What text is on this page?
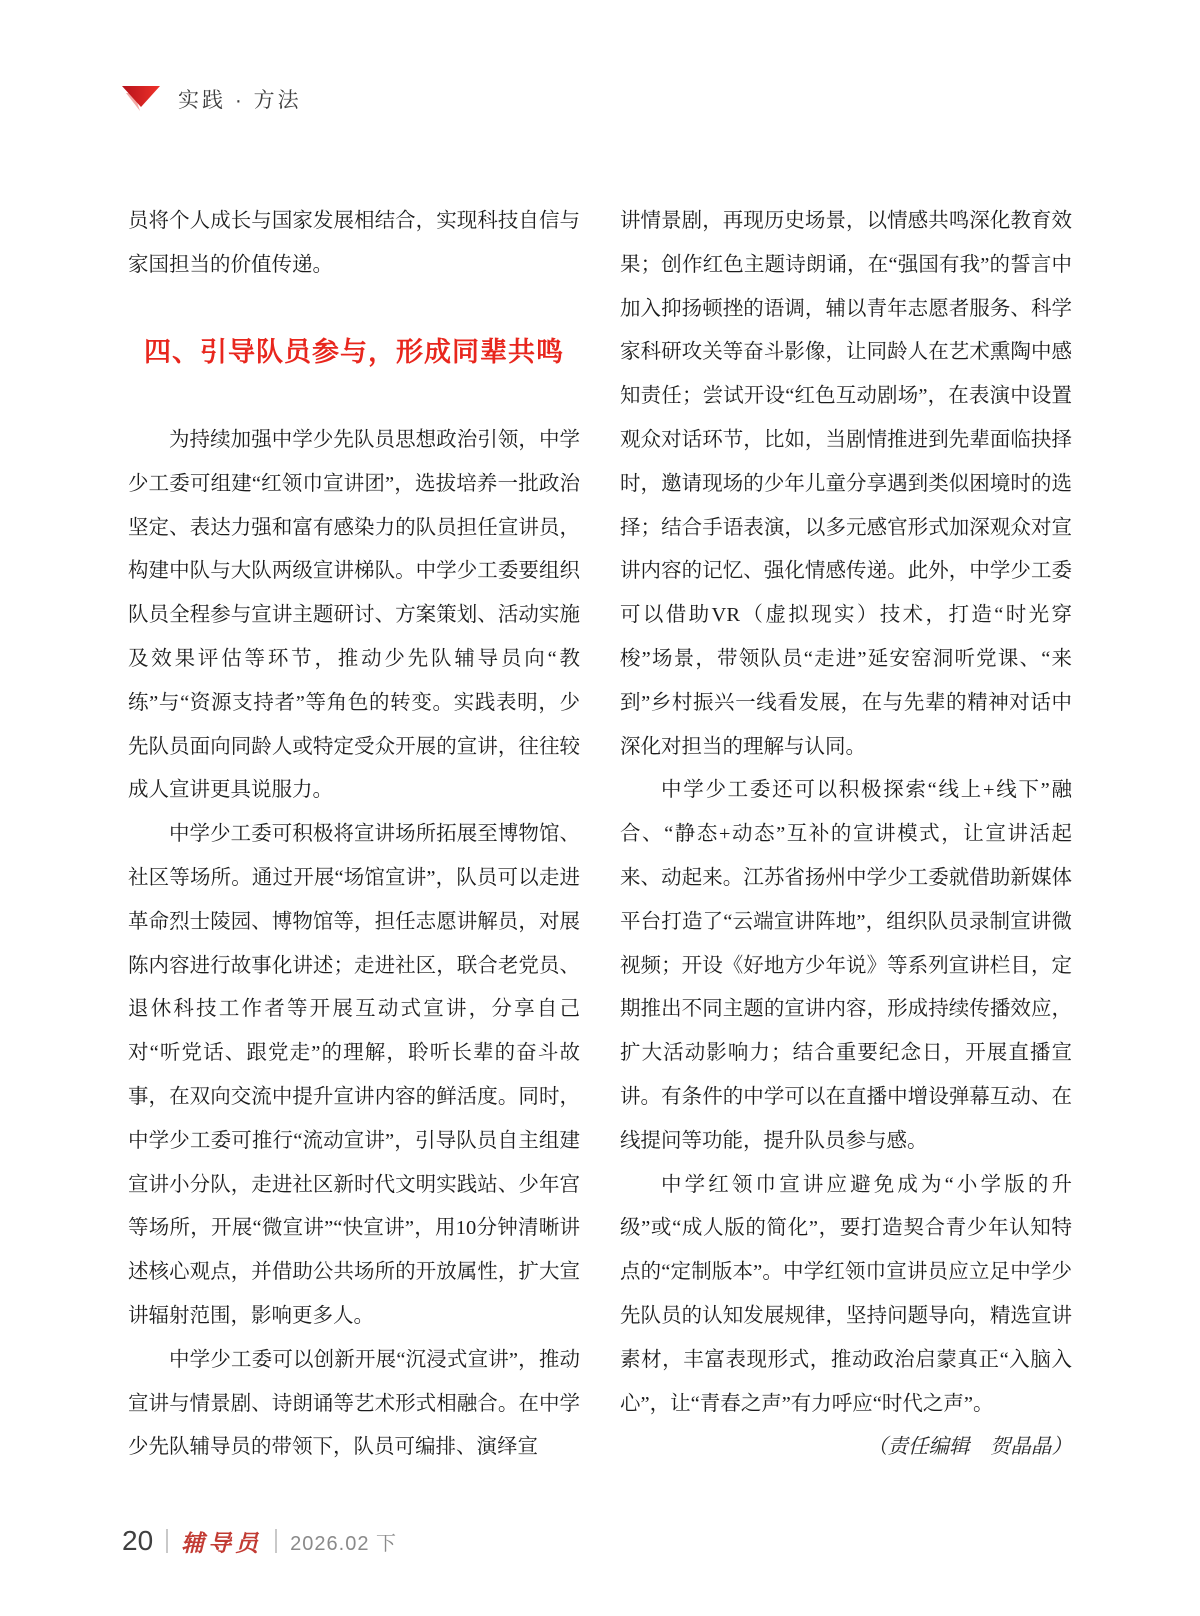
实践 · 方法

员将个人成长与国家发展相结合，实现科技自信与家国担当的价值传递。

四、引导队员参与，形成同辈共鸣

为持续加强中学少先队员思想政治引领，中学少工委可组建“红领巾宣讲团”，选拔培养一批政治坚定、表达力强和富有感染力的队员担任宣讲员，构建中队与大队两级宣讲梯队。中学少工委要组织队员全程参与宣讲主题研讨、方案策划、活动实施及效果评估等环节，推动少先队辅导员向“教练”与“资源支持者”等角色的转变。实践表明，少先队员面向同龄人或特定受众开展的宣讲，往往较成人宣讲更具说服力。

中学少工委可积极将宣讲场所拓展至博物馆、社区等场所。通过开展“场馆宣讲”，队员可以走进革命烈士陵园、博物馆等，担任志愿讲解员，对展陈内容进行故事化讲述；走进社区，联合老党员、退休科技工作者等开展互动式宣讲，分享自己对“听党话、跟党走”的理解，聆听长辈的奋斗故事，在双向交流中提升宣讲内容的鲜活度。同时，中学少工委可推行“流动宣讲”，引导队员自主组建宣讲小分队，走进社区新时代文明实践站、少年宫等场所，开展“微宣讲”“快宣讲”，用10分钟清晰讲述核心观点，并借助公共场所的开放属性，扩大宣讲辐射范围，影响更多人。

中学少工委可以创新开展“沉浸式宣讲”，推动宣讲与情景剧、诗朗诵等艺术形式相融合。在中学少先队辅导员的带领下，队员可编排、演绎宣

讲情景剧，再现历史场景，以情感共鸣深化教育效果；创作红色主题诗朗诵，在“强国有我”的誓言中加入抑扬顿挫的语调，辅以青年志愿者服务、科学家科研攻关等奋斗影像，让同龄人在艺术熏陶中感知责任；尝试开设“红色互动剧场”，在表演中设置观众对话环节，比如，当剧情推进到先辈面临抉择时，邀请现场的少年儿童分享遇到类似困境时的选择；结合手语表演，以多元感官形式加深观众对宣讲内容的记忆、强化情感传递。此外，中学少工委可以借助VR（虚拟现实）技术，打造“时光穿梭”场景，带领队员“走进”延安窑洞听党课、“来到”乡村振兴一线看发展，在与先辈的精神对话中深化对担当的理解与认同。

中学少工委还可以积极探索“线上+线下”融合、“静态+动态”互补的宣讲模式，让宣讲活起来、动起来。江苏省扬州中学少工委就借助新媒体平台打造了“云端宣讲阵地”，组织队员录制宣讲微视频；开设《好地方少年说》等系列宣讲栏目，定期推出不同主题的宣讲内容，形成持续传播效应，扩大活动影响力；结合重要纪念日，开展直播宣讲。有条件的中学可以在直播中增设弹幕互动、在线提问等功能，提升队员参与感。

中学红领巾宣讲应避免成为“小学版的升级”或“成人版的简化”，要打造契合青少年认知特点的“定制版本”。中学红领巾宣讲员应立足中学少先队员的认知发展规律，坚持问题导向，精选宣讲素材，丰富表现形式，推动政治启蒙真正“入脑入心”，让“青春之声”有力呼应“时代之声”。

（责任编辑　贺晶晶）

20 辅导员 2026.02 下
